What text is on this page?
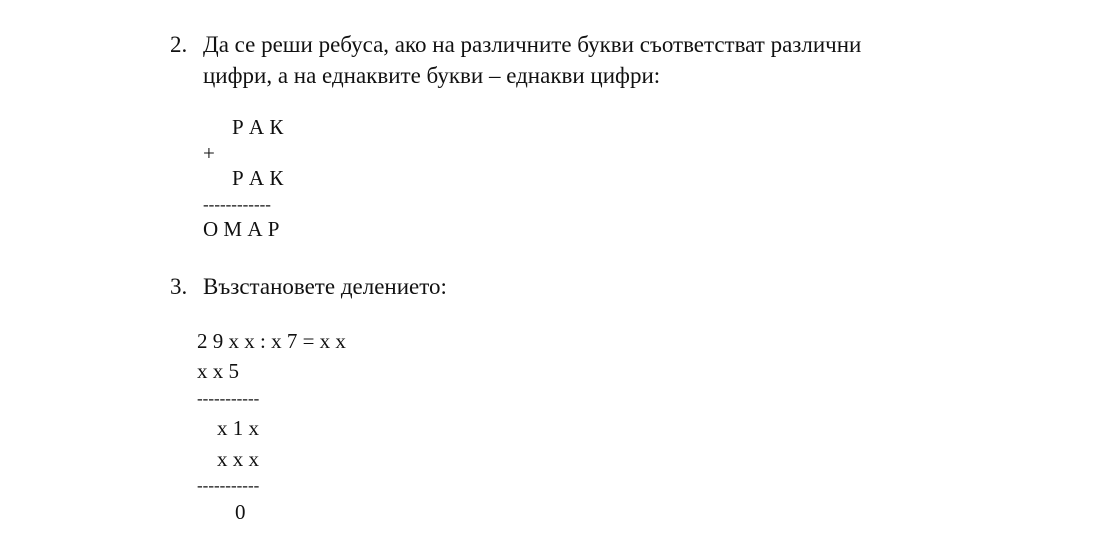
2. Да се реши ребуса, ако на различните букви съответстват различни
цифри, а на еднаквите букви – еднакви цифри:
Р А К
+
Р А К
------------
О М А Р
3. Възстановете делението:
2 9 x x : x 7 = x x
x x 5
-----------
x 1 x
x x x
-----------
0
